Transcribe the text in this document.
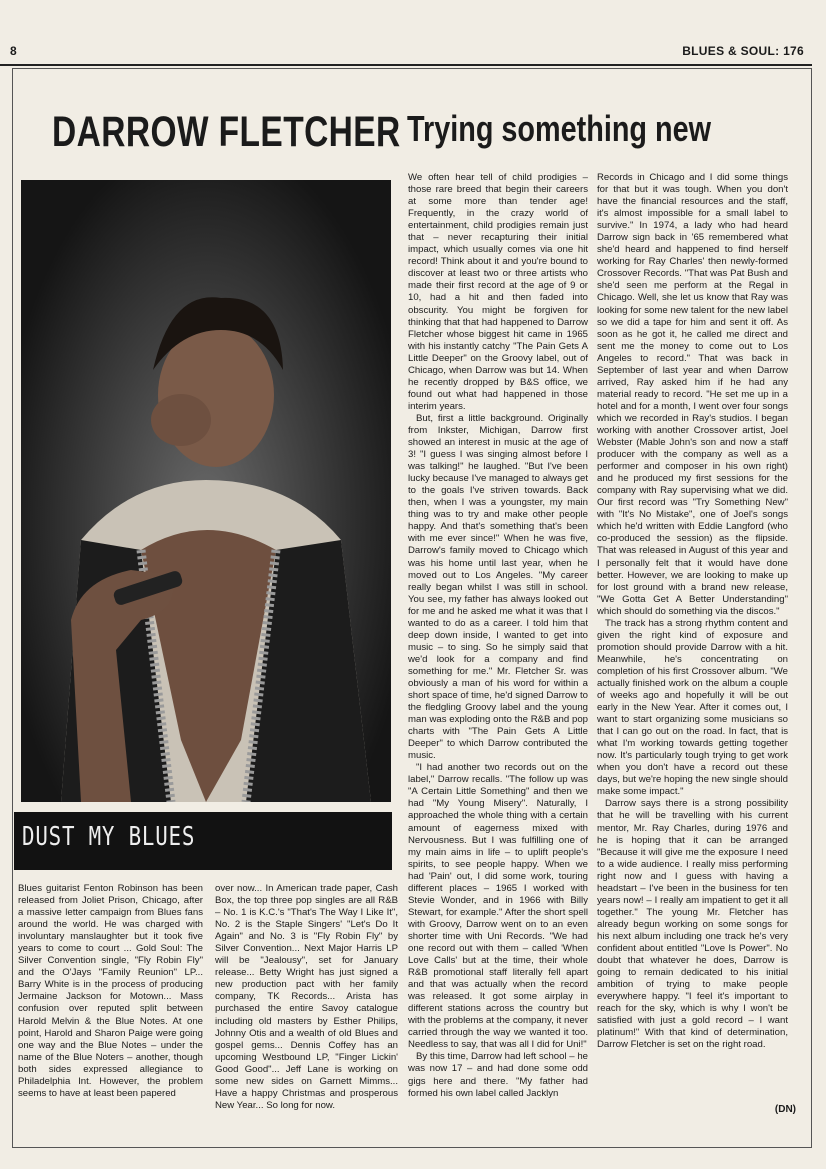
8	BLUES & SOUL: 176
DARROW FLETCHER Trying something new

We often hear tell of child prodigies – those rare breed that begin their careers at some more than tender age! Frequently, in the crazy world of entertainment, child prodigies remain just that – never recapturing their initial impact, which usually comes via one hit record! Think about it and you're bound to discover at least two or three artists who made their first record at the age of 9 or 10, had a hit and then faded into obscurity. You might be forgiven for thinking that that had happened to Darrow Fletcher whose biggest hit came in 1965 with his instantly catchy "The Pain Gets A Little Deeper" on the Groovy label, out of Chicago, when Darrow was but 14. When he recently dropped by B&S office, we found out what had happened in those interim years.

But, first a little background. Originally from Inkster, Michigan, Darrow first showed an interest in music at the age of 3! "I guess I was singing almost before I was talking!" he laughed. "But I've been lucky because I've managed to always get to the goals I've striven towards. Back then, when I was a youngster, my main thing was to try and make other people happy. And that's something that's been with me ever since!" When he was five, Darrow's family moved to Chicago which was his home until last year, when he moved out to Los Angeles. "My career really began whilst I was still in school. You see, my father has always looked out for me and he asked me what it was that I wanted to do as a career. I told him that deep down inside, I wanted to get into music – to sing. So he simply said that we'd look for a company and find something for me." Mr. Fletcher Sr. was obviously a man of his word for within a short space of time, he'd signed Darrow to the fledgling Groovy label and the young man was exploding onto the R&B and pop charts with "The Pain Gets A Little Deeper" to which Darrow contributed the music.

"I had another two records out on the label," Darrow recalls. "The follow up was "A Certain Little Something" and then we had "My Young Misery". Naturally, I approached the whole thing with a certain amount of eagerness mixed with Nervousness. But I was fulfilling one of my main aims in life – to uplift people's spirits, to see people happy. When we had 'Pain' out, I did some work, touring different places – 1965 I worked with Stevie Wonder, and in 1966 with Billy Stewart, for example." After the short spell with Groovy, Darrow went on to an even shorter time with Uni Records. "We had one record out with them – called 'When Love Calls' but at the time, their whole R&B promotional staff literally fell apart and that was actually when the record was released. It got some airplay in different stations across the country but with the problems at the company, it never carried through the way we wanted it too. Needless to say, that was all I did for Uni!"

By this time, Darrow had left school – he was now 17 – and had done some odd gigs here and there. "My father had formed his own label called Jacklyn

Records in Chicago and I did some things for that but it was tough. When you don't have the financial resources and the staff, it's almost impossible for a small label to survive." In 1974, a lady who had heard Darrow sign back in '65 remembered what she'd heard and happened to find herself working for Ray Charles' then newly-formed Crossover Records. "That was Pat Bush and she'd seen me perform at the Regal in Chicago. Well, she let us know that Ray was looking for some new talent for the new label so we did a tape for him and sent it off. As soon as he got it, he called me direct and sent me the money to come out to Los Angeles to record." That was back in September of last year and when Darrow arrived, Ray asked him if he had any material ready to record. "He set me up in a hotel and for a month, I went over four songs which we recorded in Ray's studios. I began working with another Crossover artist, Joel Webster (Mable John's son and now a staff producer with the company as well as a performer and composer in his own right) and he produced my first sessions for the company with Ray supervising what we did. Our first record was "Try Something New" with "It's No Mistake", one of Joel's songs which he'd written with Eddie Langford (who co-produced the session) as the flipside. That was released in August of this year and I personally felt that it would have done better. However, we are looking to make up for lost ground with a brand new release, "We Gotta Get A Better Understanding" which should do something via the discos."

The track has a strong rhythm content and given the right kind of exposure and promotion should provide Darrow with a hit. Meanwhile, he's concentrating on completion of his first Crossover album. "We actually finished work on the album a couple of weeks ago and hopefully it will be out early in the New Year. After it comes out, I want to start organizing some musicians so that I can go out on the road. In fact, that is what I'm working towards getting together now. It's particularly tough trying to get work when you don't have a record out these days, but we're hoping the new single should make some impact."

Darrow says there is a strong possibility that he will be travelling with his current mentor, Mr. Ray Charles, during 1976 and he is hoping that it can be arranged "Because it will give me the exposure I need to a wide audience. I really miss performing right now and I guess with having a headstart – I've been in the business for ten years now! – I really am impatient to get it all together." The young Mr. Fletcher has already begun working on some songs for his next album including one track he's very confident about entitled "Love Is Power". No doubt that whatever he does, Darrow is going to remain dedicated to his initial ambition of trying to make people everywhere happy. "I feel it's important to reach for the sky, which is why I won't be satisfied with just a gold record – I want platinum!" With that kind of determination, Darrow Fletcher is set on the right road.

(DN)
DUST MY BLUES

Blues guitarist Fenton Robinson has been released from Joliet Prison, Chicago, after a massive letter campaign from Blues fans around the world. He was charged with involuntary manslaughter but it took five years to come to court ... Gold Soul: The Silver Convention single, "Fly Robin Fly" and the O'Jays "Family Reunion" LP... Barry White is in the process of producing Jermaine Jackson for Motown... Mass confusion over reputed split between Harold Melvin & the Blue Notes. At one point, Harold and Sharon Paige were going one way and the Blue Notes – under the name of the Blue Noters – another, though both sides expressed allegiance to Philadelphia Int. However, the problem seems to have at least been papered

over now... In American trade paper, Cash Box, the top three pop singles are all R&B – No. 1 is K.C.'s "That's The Way I Like It", No. 2 is the Staple Singers' "Let's Do It Again" and No. 3 is "Fly Robin Fly" by Silver Convention... Next Major Harris LP will be "Jealousy", set for January release... Betty Wright has just signed a new production pact with her family company, TK Records... Arista has purchased the entire Savoy catalogue including old masters by Esther Philips, Johnny Otis and a wealth of old Blues and gospel gems... Dennis Coffey has an upcoming Westbound LP, "Finger Lickin' Good Good"... Jeff Lane is working on some new sides on Garnett Mimms... Have a happy Christmas and prosperous New Year... So long for now.
